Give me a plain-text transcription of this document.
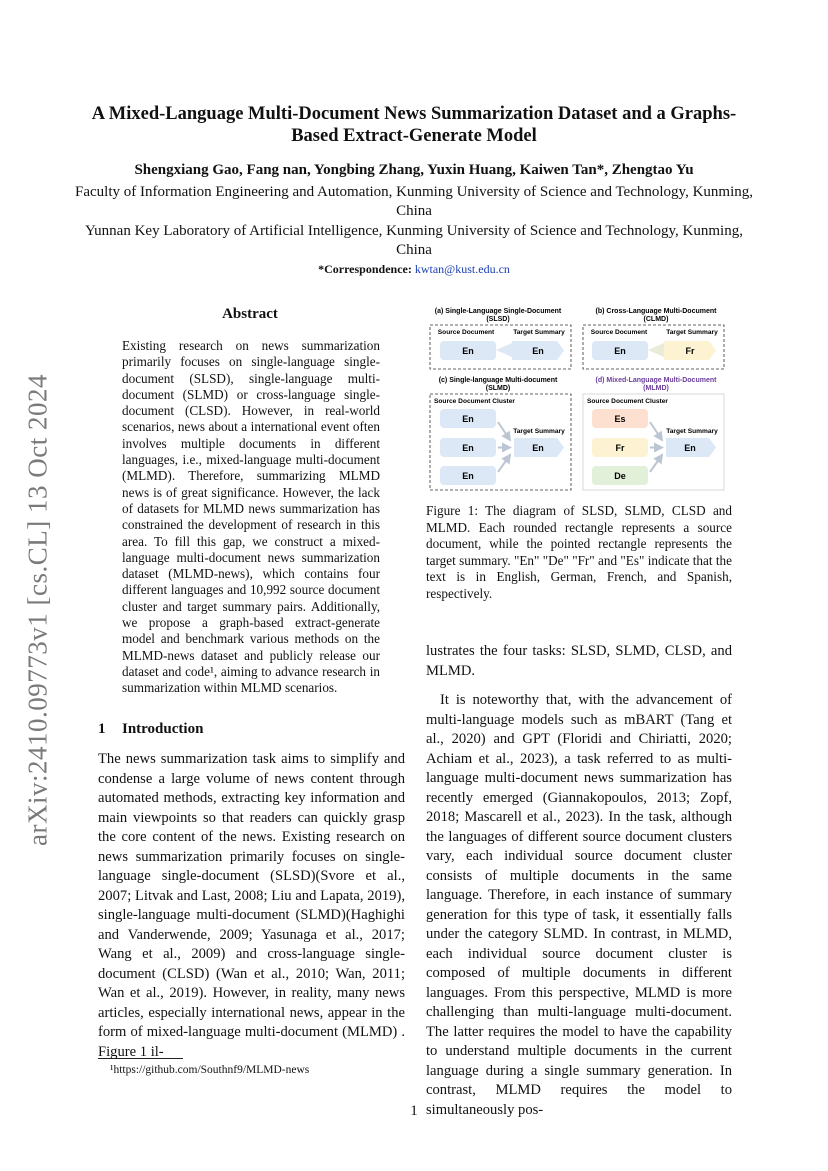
arXiv:2410.09773v1 [cs.CL] 13 Oct 2024
A Mixed-Language Multi-Document News Summarization Dataset and a Graphs-Based Extract-Generate Model
Shengxiang Gao, Fang nan, Yongbing Zhang, Yuxin Huang, Kaiwen Tan*, Zhengtao Yu
Faculty of Information Engineering and Automation, Kunming University of Science and Technology, Kunming, China
Yunnan Key Laboratory of Artificial Intelligence, Kunming University of Science and Technology, Kunming, China
*Correspondence: kwtan@kust.edu.cn
Abstract
Existing research on news summarization primarily focuses on single-language single-document (SLSD), single-language multi-document (SLMD) or cross-language single-document (CLSD). However, in real-world scenarios, news about a international event often involves multiple documents in different languages, i.e., mixed-language multi-document (MLMD). Therefore, summarizing MLMD news is of great significance. However, the lack of datasets for MLMD news summarization has constrained the development of research in this area. To fill this gap, we construct a mixed-language multi-document news summarization dataset (MLMD-news), which contains four different languages and 10,992 source document cluster and target summary pairs. Additionally, we propose a graph-based extract-generate model and benchmark various methods on the MLMD-news dataset and publicly release our dataset and code¹, aiming to advance research in summarization within MLMD scenarios.
1 Introduction

The news summarization task aims to simplify and condense a large volume of news content through automated methods, extracting key information and main viewpoints so that readers can quickly grasp the core content of the news. Existing research on news summarization primarily focuses on single-language single-document (SLSD)(Svore et al., 2007; Litvak and Last, 2008; Liu and Lapata, 2019), single-language multi-document (SLMD)(Haghighi and Vanderwende, 2009; Yasunaga et al., 2017; Wang et al., 2009) and cross-language single-document (CLSD) (Wan et al., 2010; Wan, 2011; Wan et al., 2019). However, in reality, many news articles, especially international news, appear in the form of mixed-language multi-document (MLMD) . Figure 1 il-

(a) Single-Language Single-Document
(SLSD)
Source Document	Target Summary
En	En
(b) Cross-Language Multi-Document
(CLMD)
Source Document	Target Summary
En	Fr
(c) Single-language Multi-document
(SLMD)
Source Document Cluster
En
En
En
Target Summary
En
(d) Mixed-Language Multi-Document
(MLMD)
Source Document Cluster
Es
Fr
De
Target Summary
En
Figure 1: The diagram of SLSD, SLMD, CLSD and MLMD. Each rounded rectangle represents a source document, while the pointed rectangle represents the target summary. "En" "De" "Fr" and "Es" indicate that the text is in English, German, French, and Spanish, respectively.

lustrates the four tasks: SLSD, SLMD, CLSD, and MLMD.

It is noteworthy that, with the advancement of multi-language models such as mBART (Tang et al., 2020) and GPT (Floridi and Chiriatti, 2020; Achiam et al., 2023), a task referred to as multi-language multi-document news summarization has recently emerged (Giannakopoulos, 2013; Zopf, 2018; Mascarell et al., 2023). In the task, although the languages of different source document clusters vary, each individual source document cluster consists of multiple documents in the same language. Therefore, in each instance of summary generation for this type of task, it essentially falls under the category SLMD. In contrast, in MLMD, each individual source document cluster is composed of multiple documents in different languages. From this perspective, MLMD is more challenging than multi-language multi-document. The latter requires the model to have the capability to understand multiple documents in the current language during a single summary generation. In contrast, MLMD requires the model to simultaneously pos-

¹https://github.com/Southnf9/MLMD-news
1
